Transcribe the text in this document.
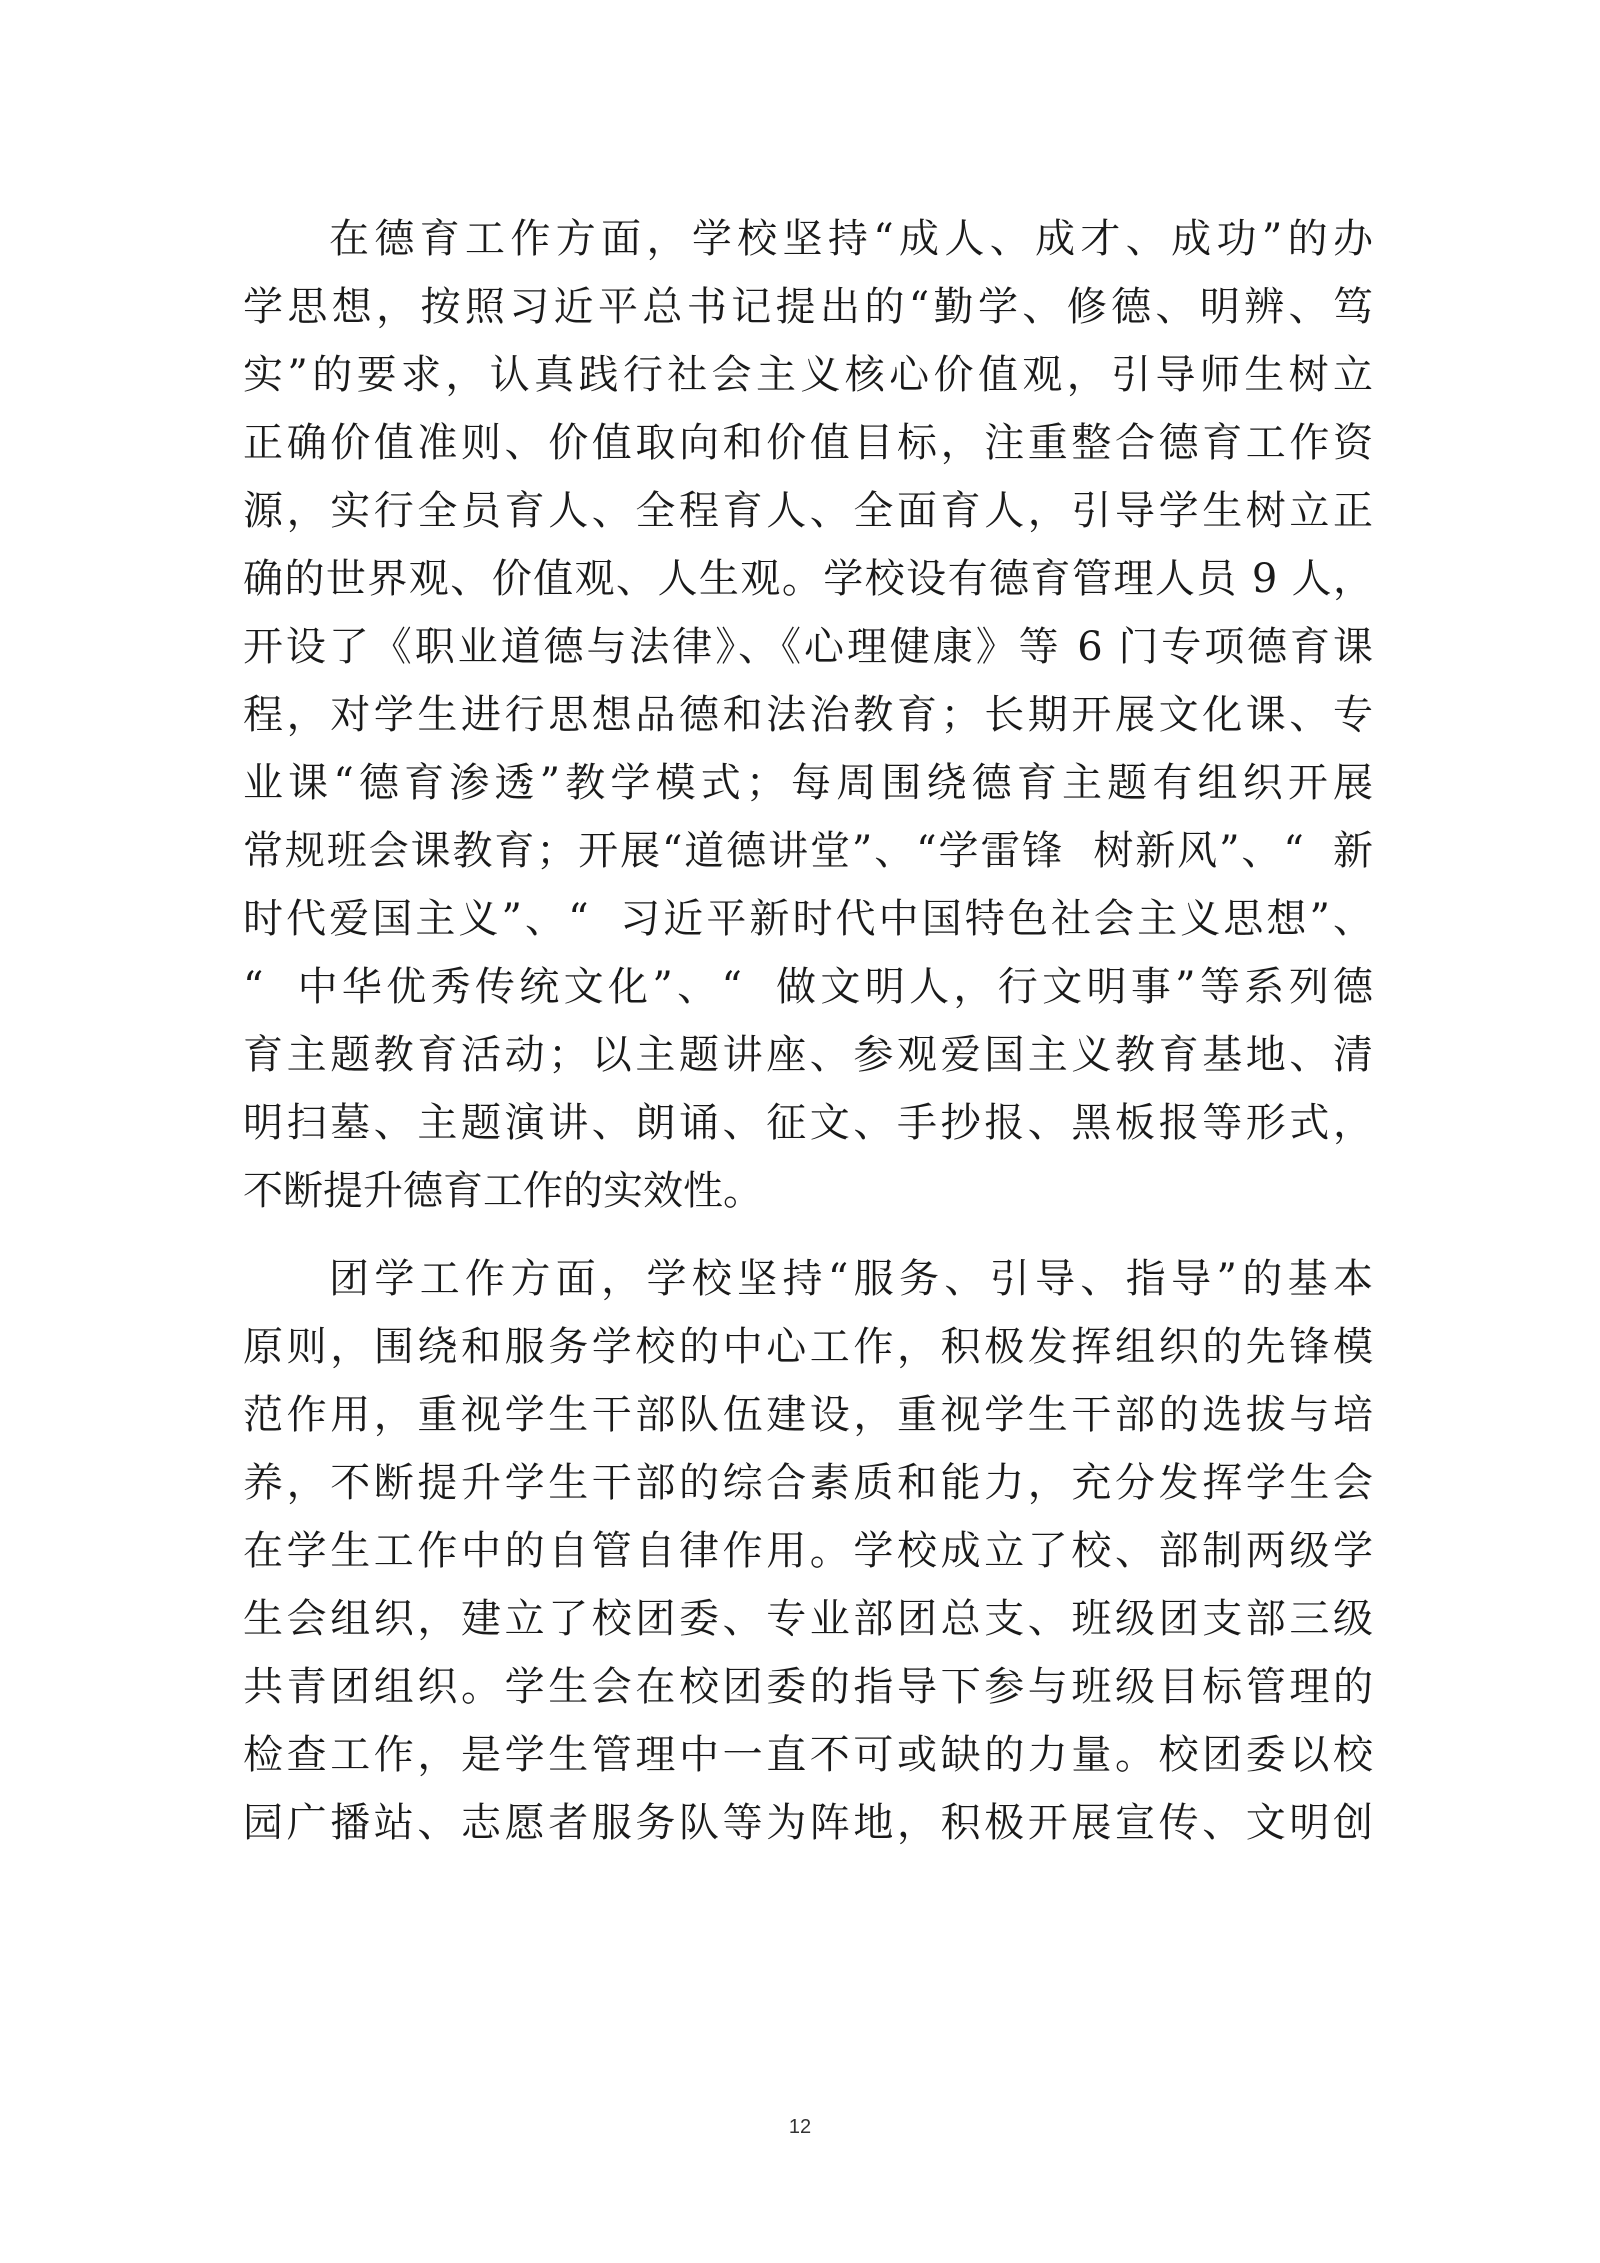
在德育工作方面，学校坚持“成人、成才、成功”的办
学思想，按照习近平总书记提出的“勤学、修德、明辨、笃
实”的要求，认真践行社会主义核心价值观，引导师生树立
正确价值准则、价值取向和价值目标，注重整合德育工作资
源，实行全员育人、全程育人、全面育人，引导学生树立正
确的世界观、价值观、人生观。学校设有德育管理人员 9 人，
开设了《职业道德与法律》、《心理健康》等 6 门专项德育课
程，对学生进行思想品德和法治教育；长期开展文化课、专
业课“德育渗透”教学模式；每周围绕德育主题有组织开展
常规班会课教育；开展“道德讲堂”、“学雷锋  树新风”、“  新
时代爱国主义”、“  习近平新时代中国特色社会主义思想”、
“  中华优秀传统文化”、“  做文明人，行文明事”等系列德
育主题教育活动；以主题讲座、参观爱国主义教育基地、清
明扫墓、主题演讲、朗诵、征文、手抄报、黑板报等形式，
不断提升德育工作的实效性。
团学工作方面，学校坚持“服务、引导、指导”的基本
原则，围绕和服务学校的中心工作，积极发挥组织的先锋模
范作用，重视学生干部队伍建设，重视学生干部的选拔与培
养，不断提升学生干部的综合素质和能力，充分发挥学生会
在学生工作中的自管自律作用。学校成立了校、部制两级学
生会组织，建立了校团委、专业部团总支、班级团支部三级
共青团组织。学生会在校团委的指导下参与班级目标管理的
检查工作，是学生管理中一直不可或缺的力量。校团委以校
园广播站、志愿者服务队等为阵地，积极开展宣传、文明创
12
